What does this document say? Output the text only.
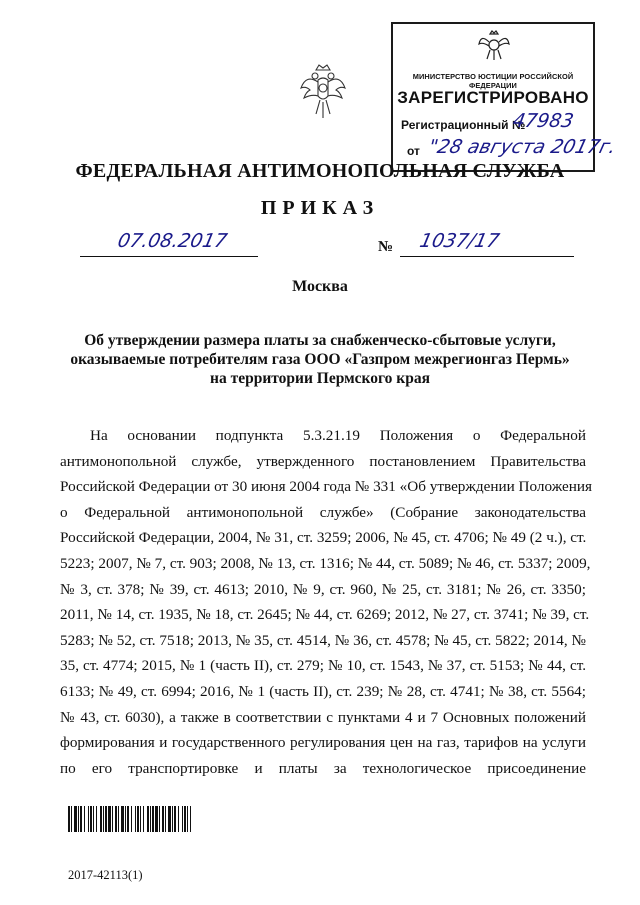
МИНИСТЕРСТВО ЮСТИЦИИ РОССИЙСКОЙ ФЕДЕРАЦИИ
ЗАРЕГИСТРИРОВАНО
Регистрационный №
47983
от "28 августа 2017г.
ФЕДЕРАЛЬНАЯ АНТИМОНОПОЛЬНАЯ СЛУЖБА
ПРИКАЗ
07.08.2017	№ 1037/17
Москва
Об утверждении размера платы за снабженческо-сбытовые услуги,
оказываемые потребителям газа ООО «Газпром межрегионгаз Пермь»
на территории Пермского края
На основании подпункта 5.3.21.19 Положения о Федеральной
антимонопольной службе, утвержденного постановлением Правительства
Российской Федерации от 30 июня 2004 года № 331 «Об утверждении Положения
о Федеральной антимонопольной службе» (Собрание законодательства
Российской Федерации, 2004, № 31, ст. 3259; 2006, № 45, ст. 4706; № 49 (2 ч.), ст.
5223; 2007, № 7, ст. 903; 2008, № 13, ст. 1316; № 44, ст. 5089; № 46, ст. 5337; 2009,
№ 3, ст. 378; № 39, ст. 4613; 2010, № 9, ст. 960, № 25, ст. 3181; № 26, ст. 3350;
2011, № 14, ст. 1935, № 18, ст. 2645; № 44, ст. 6269; 2012, № 27, ст. 3741; № 39, ст.
5283; № 52, ст. 7518; 2013, № 35, ст. 4514, № 36, ст. 4578; № 45, ст. 5822; 2014, №
35, ст. 4774; 2015, № 1 (часть II), ст. 279; № 10, ст. 1543, № 37, ст. 5153; № 44, ст.
6133; № 49, ст. 6994; 2016, № 1 (часть II), ст. 239; № 28, ст. 4741; № 38, ст. 5564;
№ 43, ст. 6030), а также в соответствии с пунктами 4 и 7 Основных положений
формирования и государственного регулирования цен на газ, тарифов на услуги
по его транспортировке и платы за технологическое присоединение
2017-42113(1)
